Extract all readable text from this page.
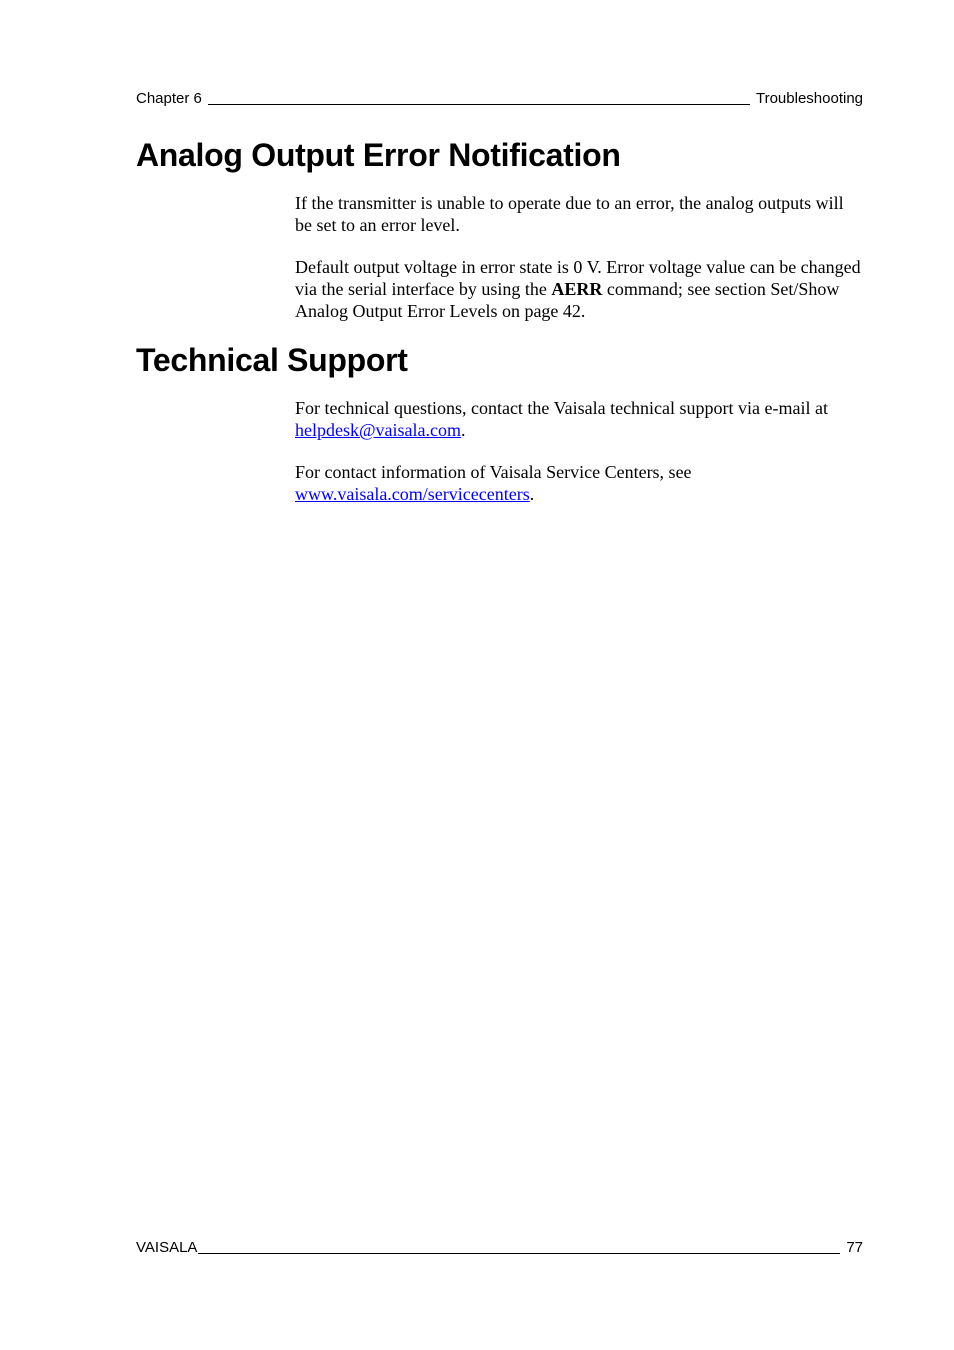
Chapter 6	Troubleshooting
Analog Output Error Notification

If the transmitter is unable to operate due to an error, the analog outputs will be set to an error level.

Default output voltage in error state is 0 V. Error voltage value can be changed via the serial interface by using the AERR command; see section Set/Show Analog Output Error Levels on page 42.

Technical Support

For technical questions, contact the Vaisala technical support via e-mail at helpdesk@vaisala.com.

For contact information of Vaisala Service Centers, see www.vaisala.com/servicecenters.

VAISALA	77
